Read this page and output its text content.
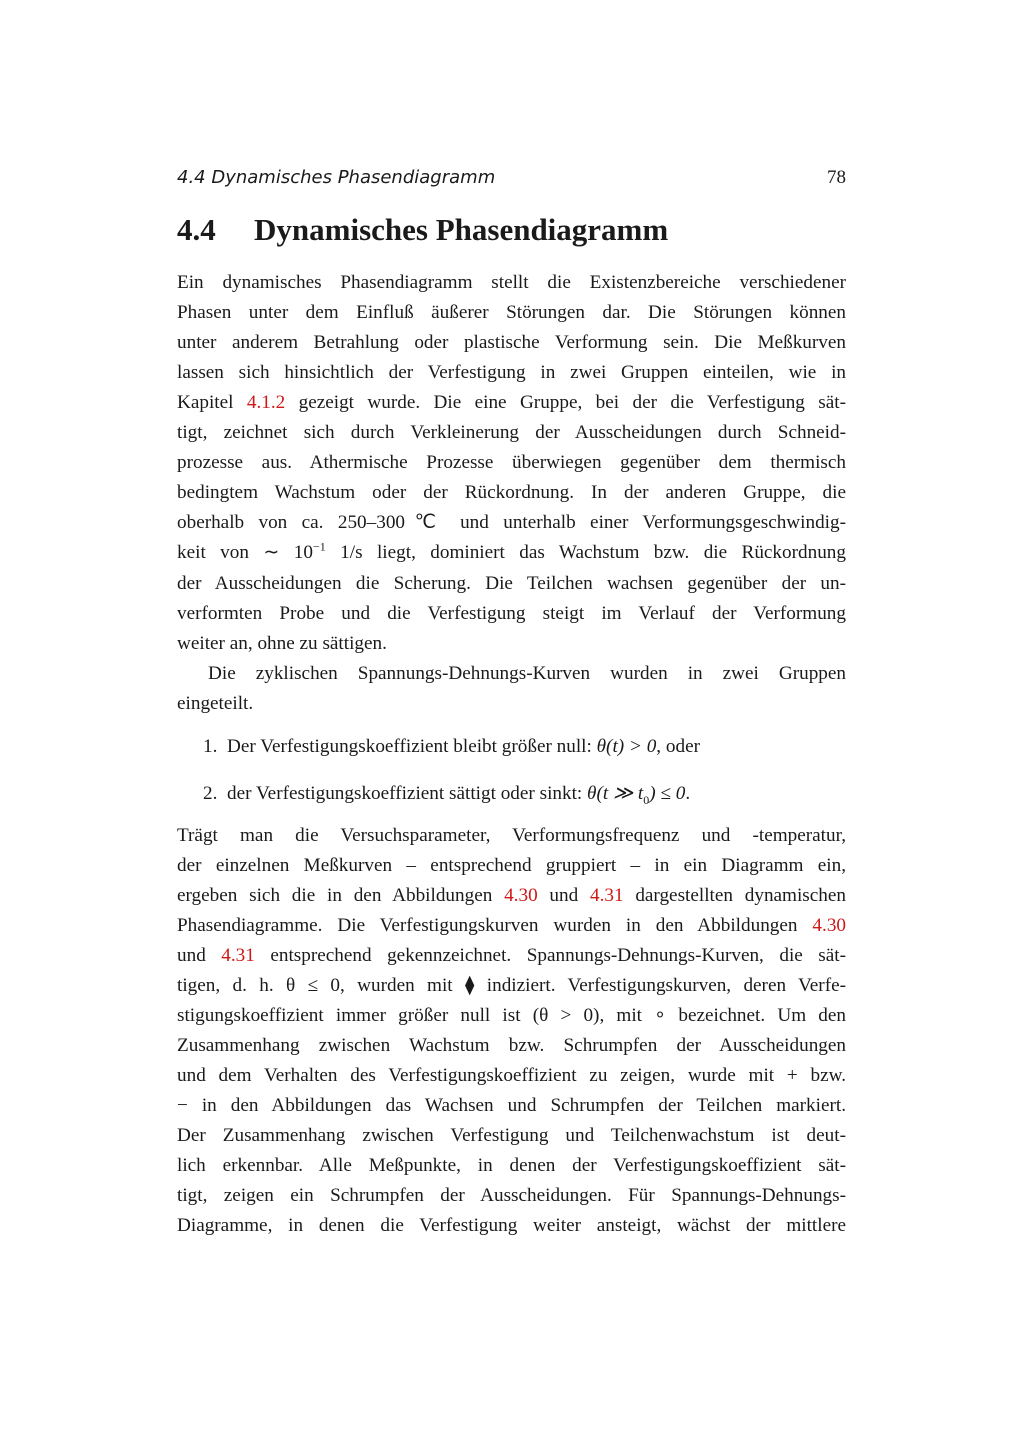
4.4 Dynamisches Phasendiagramm	78
4.4 Dynamisches Phasendiagramm
Ein dynamisches Phasendiagramm stellt die Existenzbereiche verschiedener
Phasen unter dem Einfluß äußerer Störungen dar. Die Störungen können
unter anderem Betrahlung oder plastische Verformung sein. Die Meßkurven
lassen sich hinsichtlich der Verfestigung in zwei Gruppen einteilen, wie in
Kapitel 4.1.2 gezeigt wurde. Die eine Gruppe, bei der die Verfestigung sät-
tigt, zeichnet sich durch Verkleinerung der Ausscheidungen durch Schneid-
prozesse aus. Athermische Prozesse überwiegen gegenüber dem thermisch
bedingtem Wachstum oder der Rückordnung. In der anderen Gruppe, die
oberhalb von ca. 250–300℃ und unterhalb einer Verformungsgeschwindig-
keit von ∼ $10^{-1}$ 1/s liegt, dominiert das Wachstum bzw. die Rückordnung
der Ausscheidungen die Scherung. Die Teilchen wachsen gegenüber der un-
verformten Probe und die Verfestigung steigt im Verlauf der Verformung
weiter an, ohne zu sättigen.
Die zyklischen Spannungs-Dehnungs-Kurven wurden in zwei Gruppen
eingeteilt.
1. Der Verfestigungskoeffizient bleibt größer null: θ(t) > 0, oder
2. der Verfestigungskoeffizient sättigt oder sinkt: θ(t ≫ $t_0) \le 0$.
Trägt man die Versuchsparameter, Verformungsfrequenz und -temperatur,
der einzelnen Meßkurven – entsprechend gruppiert – in ein Diagramm ein,
ergeben sich die in den Abbildungen 4.30 und 4.31 dargestellten dynamischen
Phasendiagramme. Die Verfestigungskurven wurden in den Abbildungen 4.30
und 4.31 entsprechend gekennzeichnet. Spannungs-Dehnungs-Kurven, die sät-
tigen, d. h. θ ≤ 0, wurden mit ⧫ indiziert. Verfestigungskurven, deren Verfe-
stigungskoeffizient immer größer null ist (θ > 0), mit ∘ bezeichnet. Um den
Zusammenhang zwischen Wachstum bzw. Schrumpfen der Ausscheidungen
und dem Verhalten des Verfestigungskoeffizient zu zeigen, wurde mit + bzw.
− in den Abbildungen das Wachsen und Schrumpfen der Teilchen markiert.
Der Zusammenhang zwischen Verfestigung und Teilchenwachstum ist deut-
lich erkennbar. Alle Meßpunkte, in denen der Verfestigungskoeffizient sät-
tigt, zeigen ein Schrumpfen der Ausscheidungen. Für Spannungs-Dehnungs-
Diagramme, in denen die Verfestigung weiter ansteigt, wächst der mittlere
